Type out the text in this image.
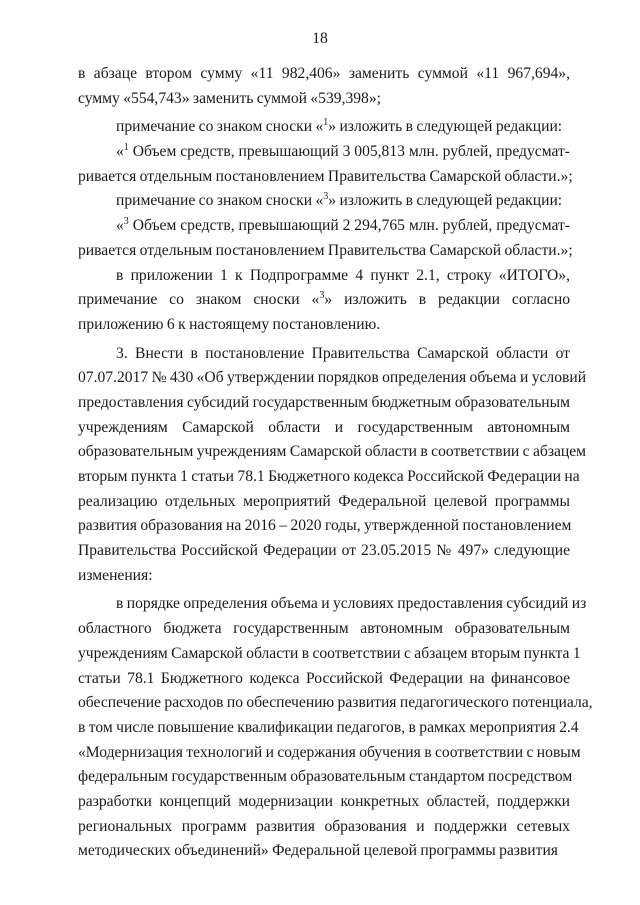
18
в абзаце втором сумму «11 982,406» заменить суммой «11 967,694»,
сумму «554,743» заменить суммой «539,398»;
примечание со знаком сноски «$^1$» изложить в следующей редакции:
«$^1$ Объем средств, превышающий 3 005,813 млн. рублей, предусмат-
ривается отдельным постановлением Правительства Самарской области.»;
примечание со знаком сноски «$^3$» изложить в следующей редакции:
«$^3$ Объем средств, превышающий 2 294,765 млн. рублей, предусмат-
ривается отдельным постановлением Правительства Самарской области.»;
в приложении 1 к Подпрограмме 4 пункт 2.1, строку «ИТОГО»,
примечание со знаком сноски «$^3$» изложить в редакции согласно
приложению 6 к настоящему постановлению.
3. Внести в постановление Правительства Самарской области от
07.07.2017 № 430 «Об утверждении порядков определения объема и условий
предоставления субсидий государственным бюджетным образовательным
учреждениям Самарской области и государственным автономным
образовательным учреждениям Самарской области в соответствии с абзацем
вторым пункта 1 статьи 78.1 Бюджетного кодекса Российской Федерации на
реализацию отдельных мероприятий Федеральной целевой программы
развития образования на 2016 – 2020 годы, утвержденной постановлением
Правительства Российской Федерации от 23.05.2015 № 497» следующие
изменения:
в порядке определения объема и условиях предоставления субсидий из
областного бюджета государственным автономным образовательным
учреждениям Самарской области в соответствии с абзацем вторым пункта 1
статьи 78.1 Бюджетного кодекса Российской Федерации на финансовое
обеспечение расходов по обеспечению развития педагогического потенциала,
в том числе повышение квалификации педагогов, в рамках мероприятия 2.4
«Модернизация технологий и содержания обучения в соответствии с новым
федеральным государственным образовательным стандартом посредством
разработки концепций модернизации конкретных областей, поддержки
региональных программ развития образования и поддержки сетевых
методических объединений» Федеральной целевой программы развития
